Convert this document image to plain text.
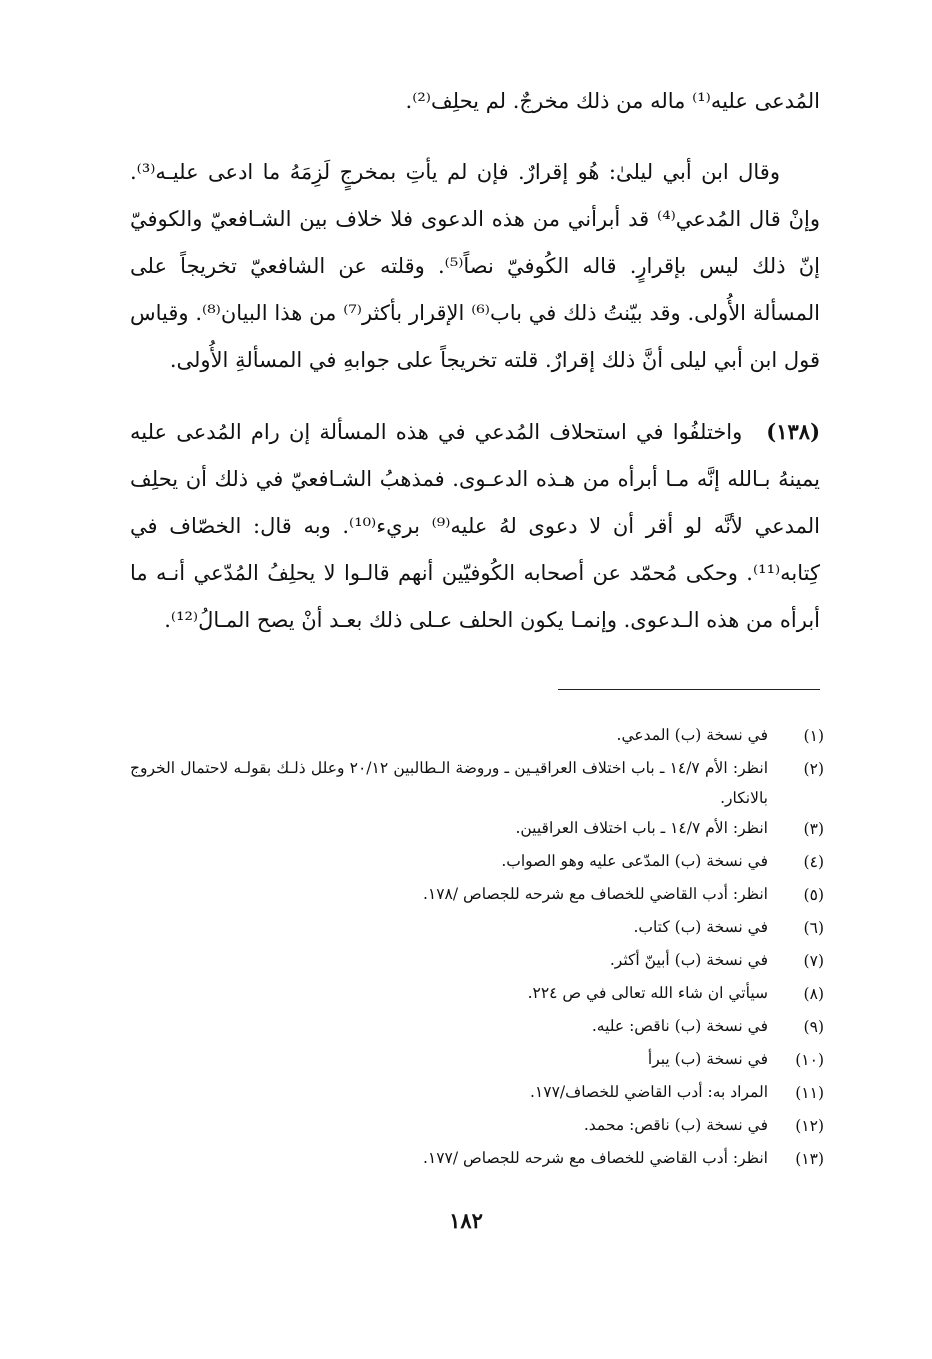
المُدعى عليه⁽¹⁾ ماله من ذلك مخرجٌ. لم يحلِف⁽²⁾.

وقال ابن أبي ليلىٰ: هُو إقرارٌ. فإن لم يأتِ بمخرجٍ لَزِمَهُ ما ادعى عليـه⁽³⁾. وإنْ قال المُدعي⁽⁴⁾ قد أبرأني من هذه الدعوى فلا خلاف بين الشـافعيّ والكوفيّ إنّ ذلك ليس بإقرارٍ. قاله الكُوفيّ نصاً⁽⁵⁾. وقلته عن الشافعيّ تخريجاً على المسألة الأُولى. وقد بيّنتُ ذلك في باب⁽⁶⁾ الإقرار بأكثر⁽⁷⁾ من هذا البيان⁽⁸⁾. وقياس قول ابن أبي ليلى أنَّ ذلك إقرارٌ. قلته تخريجاً على جوابهِ في المسألةِ الأُولى.

(١٣٨)واختلفُوا في استحلاف المُدعي في هذه المسألة إن رام المُدعى عليه يمينهُ بـالله إنَّه مـا أبرأه من هـذه الدعـوى. فمذهبُ الشـافعيّ في ذلك أن يحلِف المدعي لأنَّه لو أقر أن لا دعوى لهُ عليه⁽⁹⁾ بريء⁽¹⁰⁾. وبه قال: الخصّاف في كِتابه⁽¹¹⁾. وحكى مُحمّد عن أصحابه الكُوفيّين أنهم قالـوا لا يحلِفُ المُدّعي أنـه ما أبرأه من هذه الـدعوى. وإنمـا يكون الحلف عـلى ذلك بعـد أنْ يصح المـالُ⁽¹²⁾.

(١)
في نسخة (ب) المدعي.
(٢)
انظر: الأم ١٤/٧ ـ باب اختلاف العراقيـين ـ وروضة الـطالبين ٢٠/١٢ وعلل ذلـك بقولـه لاحتمال الخروج بالانكار.
(٣)
انظر: الأم ١٤/٧ ـ باب اختلاف العراقيين.
(٤)
في نسخة (ب) المدّعى عليه وهو الصواب.
(٥)
انظر: أدب القاضي للخصاف مع شرحه للجصاص /١٧٨.
(٦)
في نسخة (ب) كتاب.
(٧)
في نسخة (ب) أبينّ أكثر.
(٨)
سيأتي ان شاء الله تعالى في ص ٢٢٤.
(٩)
في نسخة (ب) ناقص: عليه.
(١٠)
في نسخة (ب) يبرأ
(١١)
المراد به: أدب القاضي للخصاف/١٧٧.
(١٢)
في نسخة (ب) ناقص: محمد.
(١٣)
انظر: أدب القاضي للخصاف مع شرحه للجصاص /١٧٧.
١٨٢
